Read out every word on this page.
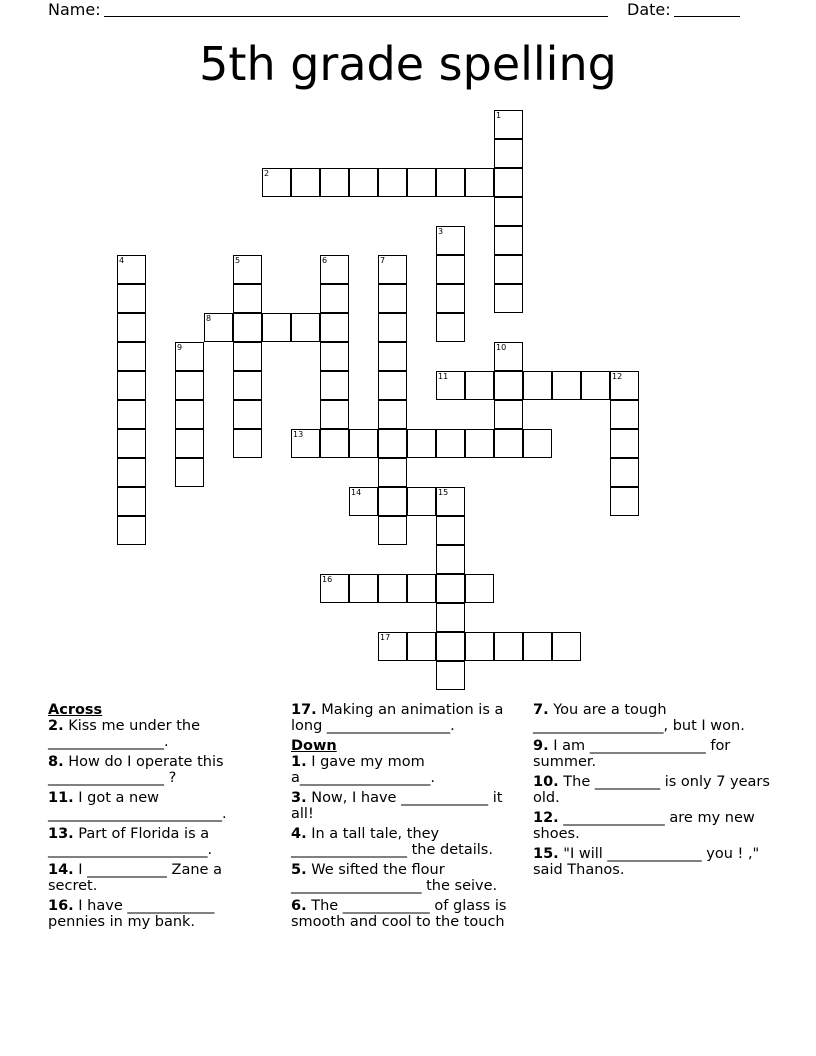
Name:	Date:
5th grade spelling
1
2
3
4	5	6	7
8
9	10
11	12
13
14	15
16
17
Across
2. Kiss me under the ________________.
8. How do I operate this ________________ ?
11. I got a new ________________________.
13. Part of Florida is a ______________________.
14. I ___________ Zane a secret.
16. I have ____________ pennies in my bank.
17. Making an animation is a long _________________.
Down
1. I gave my mom a__________________.
3. Now, I have ____________ it all!
4. In a tall tale, they ________________ the details.
5. We sifted the flour __________________ the seive.
6. The ____________ of glass is smooth and cool to the touch
7. You are a tough __________________, but I won.
9. I am ________________ for summer.
10. The _________ is only 7 years old.
12. ______________ are my new shoes.
15. "I will _____________ you ! ," said Thanos.
